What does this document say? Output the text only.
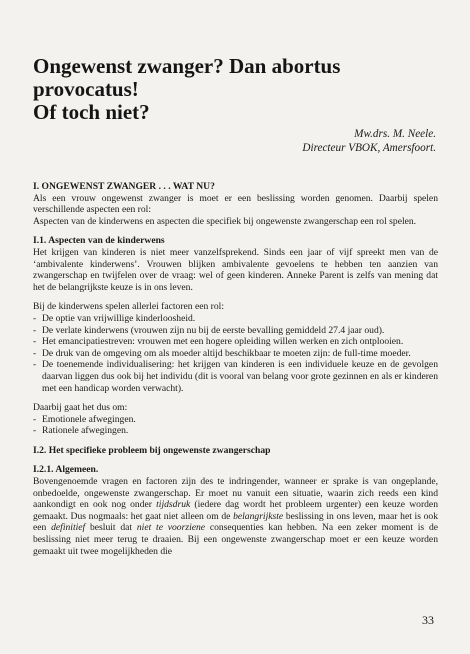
Ongewenst zwanger? Dan abortus provocatus!
Of toch niet?
Mw.drs. M. Neele.
Directeur VBOK, Amersfoort.

I. ONGEWENST ZWANGER . . . WAT NU?

Als een vrouw ongewenst zwanger is moet er een beslissing worden genomen. Daarbij spelen verschillende aspecten een rol:

Aspecten van de kinderwens en aspecten die specifiek bij ongewenste zwangerschap een rol spelen.

I.1. Aspecten van de kinderwens

Het krijgen van kinderen is niet meer vanzelfsprekend. Sinds een jaar of vijf spreekt men van de ‘ambivalente kinderwens’. Vrouwen blijken ambivalente gevoelens te hebben ten aanzien van zwangerschap en twijfelen over de vraag: wel of geen kinderen. Anneke Parent is zelfs van mening dat het de belangrijkste keuze is in ons leven.

Bij de kinderwens spelen allerlei factoren een rol:

- De optie van vrijwillige kinderloosheid.
- De verlate kinderwens (vrouwen zijn nu bij de eerste bevalling gemiddeld 27.4 jaar oud).
- Het emancipatiestreven: vrouwen met een hogere opleiding willen werken en zich ontplooien.
- De druk van de omgeving om als moeder altijd beschikbaar te moeten zijn: de full-time moeder.
- De toenemende individualisering: het krijgen van kinderen is een individuele keuze en de gevolgen daarvan liggen dus ook bij het individu (dit is vooral van belang voor grote gezinnen en als er kinderen met een handicap worden verwacht).

Daarbij gaat het dus om:

- Emotionele afwegingen.
- Rationele afwegingen.

I.2. Het specifieke probleem bij ongewenste zwangerschap

I.2.1. Algemeen.

Bovengenoemde vragen en factoren zijn des te indringender, wanneer er sprake is van ongeplande, onbedoelde, ongewenste zwangerschap. Er moet nu vanuit een situatie, waarin zich reeds een kind aankondigt en ook nog onder tijdsdruk (iedere dag wordt het probleem urgenter) een keuze worden gemaakt. Dus nogmaals: het gaat niet alleen om de belangrijkste beslissing in ons leven, maar het is ook een definitief besluit dat niet te voorziene consequenties kan hebben. Na een zeker moment is de beslissing niet meer terug te draaien. Bij een ongewenste zwangerschap moet er een keuze worden gemaakt uit twee mogelijkheden die

33
